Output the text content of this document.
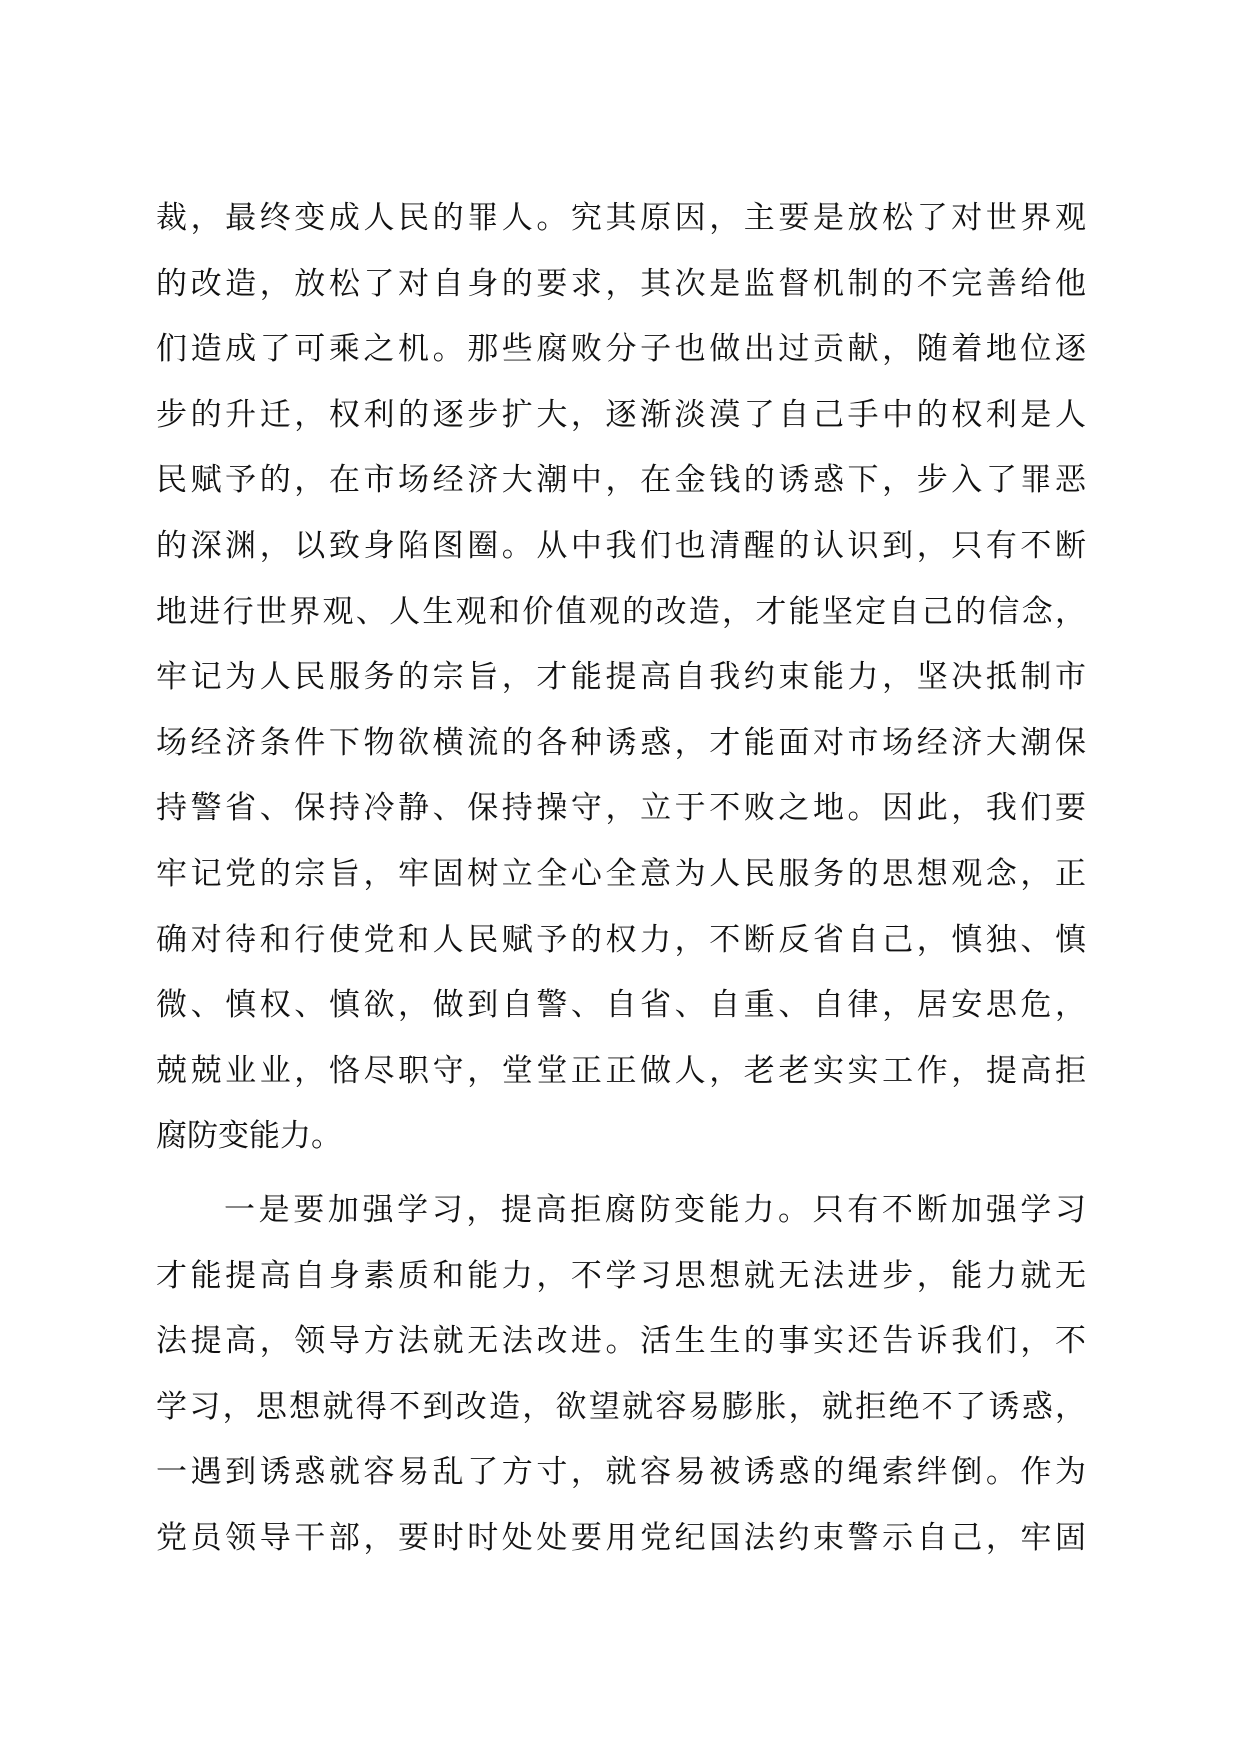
裁，最终变成人民的罪人。究其原因，主要是放松了对世界观
的改造，放松了对自身的要求，其次是监督机制的不完善给他
们造成了可乘之机。那些腐败分子也做出过贡献，随着地位逐
步的升迁，权利的逐步扩大，逐渐淡漠了自己手中的权利是人
民赋予的，在市场经济大潮中，在金钱的诱惑下，步入了罪恶
的深渊，以致身陷图圈。从中我们也清醒的认识到，只有不断
地进行世界观、人生观和价值观的改造，才能坚定自己的信念，
牢记为人民服务的宗旨，才能提高自我约束能力，坚决抵制市
场经济条件下物欲横流的各种诱惑，才能面对市场经济大潮保
持警省、保持冷静、保持操守，立于不败之地。因此，我们要
牢记党的宗旨，牢固树立全心全意为人民服务的思想观念，正
确对待和行使党和人民赋予的权力，不断反省自己，慎独、慎
微、慎权、慎欲，做到自警、自省、自重、自律，居安思危，
兢兢业业，恪尽职守，堂堂正正做人，老老实实工作，提高拒
腐防变能力。
一是要加强学习，提高拒腐防变能力。只有不断加强学习
才能提高自身素质和能力，不学习思想就无法进步，能力就无
法提高，领导方法就无法改进。活生生的事实还告诉我们，不
学习，思想就得不到改造，欲望就容易膨胀，就拒绝不了诱惑，
一遇到诱惑就容易乱了方寸，就容易被诱惑的绳索绊倒。作为
党员领导干部，要时时处处要用党纪国法约束警示自己，牢固
